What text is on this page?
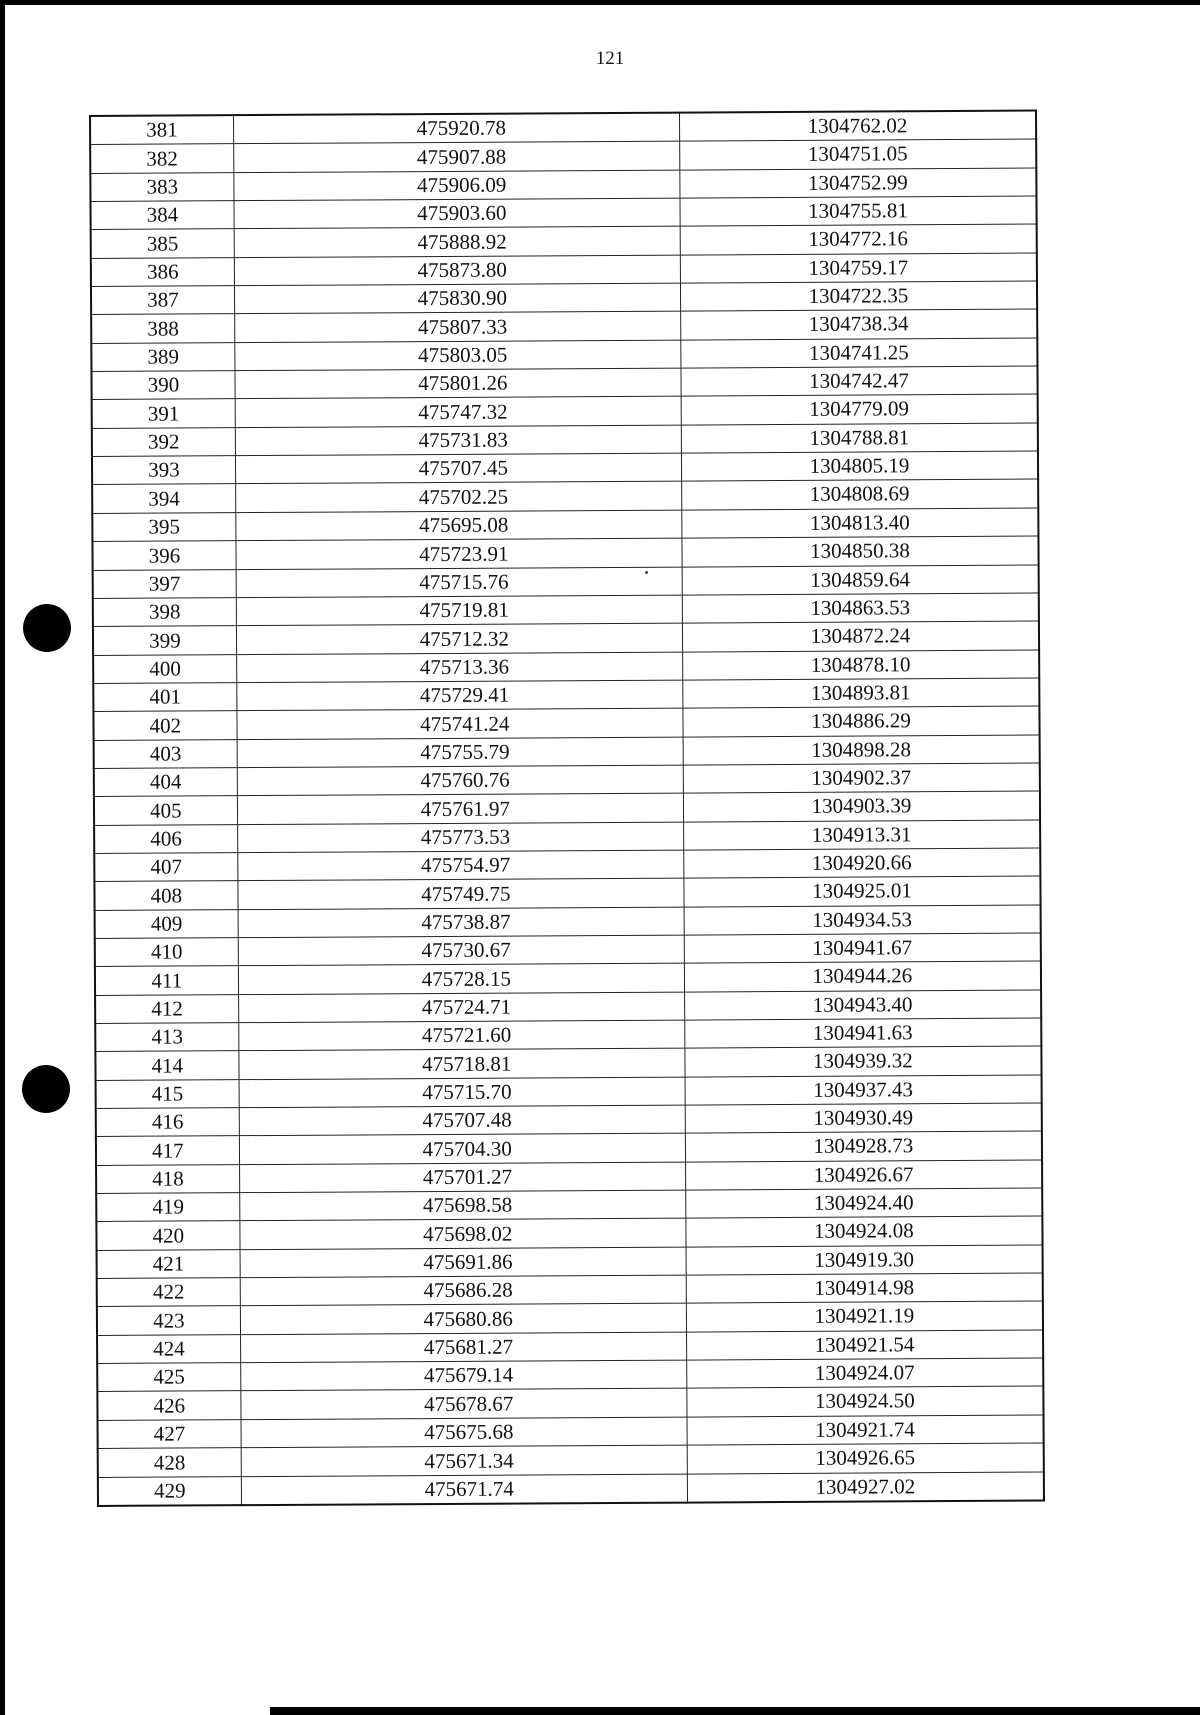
121
381	475920.78	1304762.02
382	475907.88	1304751.05
383	475906.09	1304752.99
384	475903.60	1304755.81
385	475888.92	1304772.16
386	475873.80	1304759.17
387	475830.90	1304722.35
388	475807.33	1304738.34
389	475803.05	1304741.25
390	475801.26	1304742.47
391	475747.32	1304779.09
392	475731.83	1304788.81
393	475707.45	1304805.19
394	475702.25	1304808.69
395	475695.08	1304813.40
396	475723.91	1304850.38
397	475715.76	1304859.64
398	475719.81	1304863.53
399	475712.32	1304872.24
400	475713.36	1304878.10
401	475729.41	1304893.81
402	475741.24	1304886.29
403	475755.79	1304898.28
404	475760.76	1304902.37
405	475761.97	1304903.39
406	475773.53	1304913.31
407	475754.97	1304920.66
408	475749.75	1304925.01
409	475738.87	1304934.53
410	475730.67	1304941.67
411	475728.15	1304944.26
412	475724.71	1304943.40
413	475721.60	1304941.63
414	475718.81	1304939.32
415	475715.70	1304937.43
416	475707.48	1304930.49
417	475704.30	1304928.73
418	475701.27	1304926.67
419	475698.58	1304924.40
420	475698.02	1304924.08
421	475691.86	1304919.30
422	475686.28	1304914.98
423	475680.86	1304921.19
424	475681.27	1304921.54
425	475679.14	1304924.07
426	475678.67	1304924.50
427	475675.68	1304921.74
428	475671.34	1304926.65
429	475671.74	1304927.02
